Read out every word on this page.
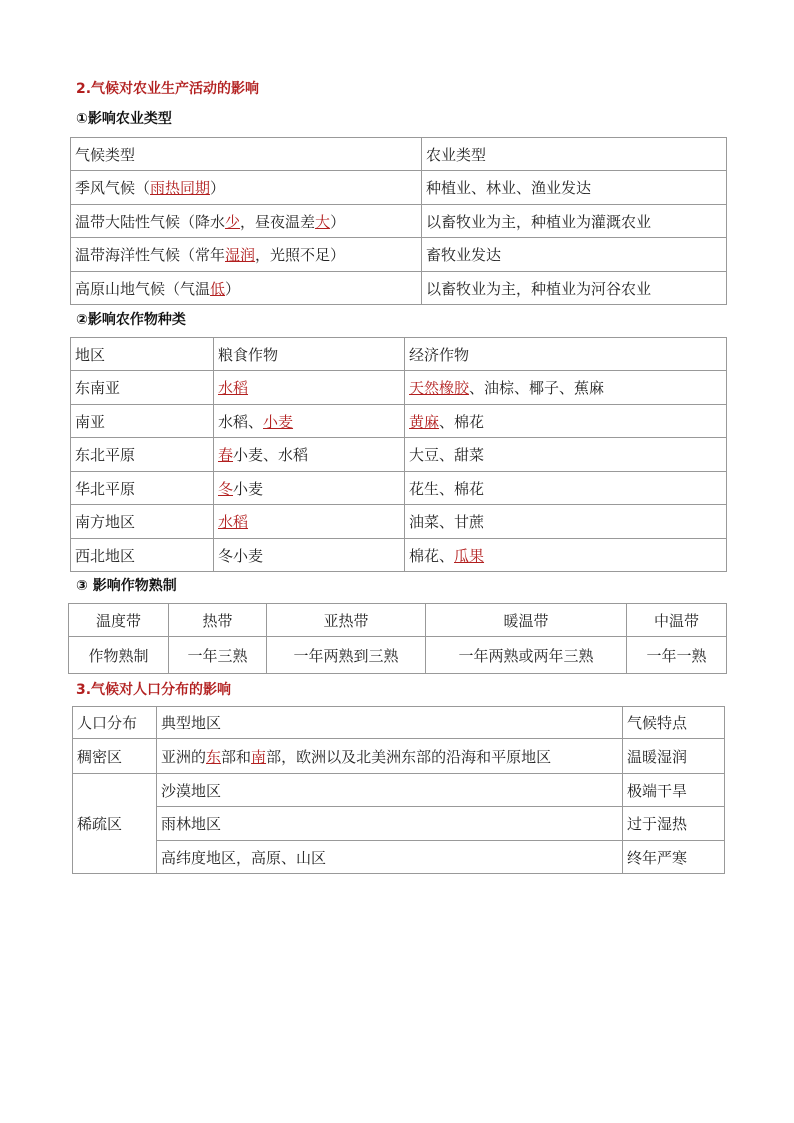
2.气候对农业生产活动的影响
①影响农业类型
气候类型	农业类型
季风气候（雨热同期）	种植业、林业、渔业发达
温带大陆性气候（降水少，昼夜温差大）	以畜牧业为主，种植业为灌溉农业
温带海洋性气候（常年湿润，光照不足）	畜牧业发达
高原山地气候（气温低）	以畜牧业为主，种植业为河谷农业
②影响农作物种类
地区	粮食作物	经济作物
东南亚	水稻	天然橡胶、油棕、椰子、蕉麻
南亚	水稻、小麦	黄麻、棉花
东北平原	春小麦、水稻	大豆、甜菜
华北平原	冬小麦	花生、棉花
南方地区	水稻	油菜、甘蔗
西北地区	冬小麦	棉花、瓜果
③ 影响作物熟制
温度带	热带	亚热带	暖温带	中温带
作物熟制	一年三熟	一年两熟到三熟	一年两熟或两年三熟	一年一熟
3.气候对人口分布的影响
人口分布	典型地区	气候特点
稠密区	亚洲的东部和南部，欧洲以及北美洲东部的沿海和平原地区	温暖湿润
稀疏区	沙漠地区	极端干旱
	雨林地区	过于湿热
	高纬度地区，高原、山区	终年严寒
